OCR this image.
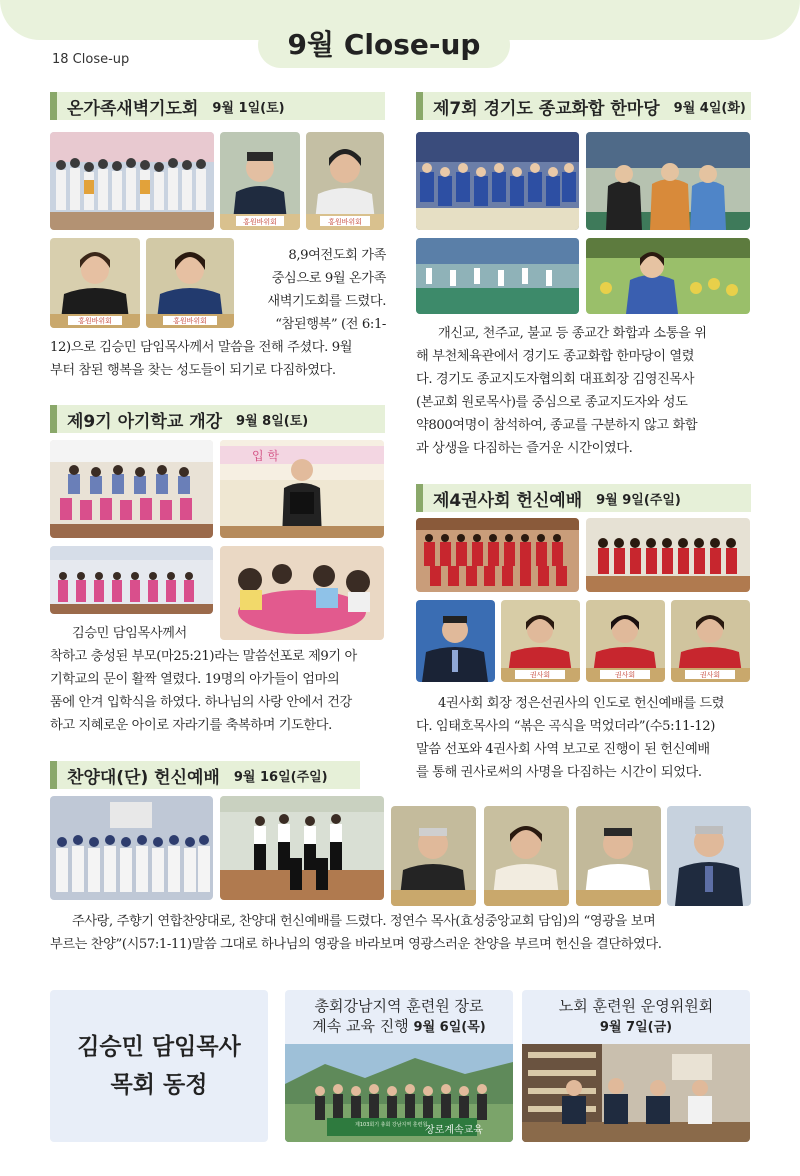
9월 Close-up
18 Close-up
온가족새벽기도회 9월 1일(토)
홍원바위회	홍원바위회
홍원바위회	홍원바위회
8,9여전도회 가족
중심으로 9월 온가족
새벽기도회를 드렸다.
“참된행복” (전 6:1-
12)으로 김승민 담임목사께서 말씀을 전해 주셨다. 9월
부터 참된 행복을 찾는 성도들이 되기로 다짐하였다.
제9기 아기학교 개강 9월 8일(토)
입 학
김승민 담임목사께서
착하고 충성된 부모(마25:21)라는 말씀선포로 제9기 아
기학교의 문이 활짝 열렸다. 19명의 아가들이 엄마의
품에 안겨 입학식을 하였다. 하나님의 사랑 안에서 건강
하고 지혜로운 아이로 자라기를 축복하며 기도한다.
찬양대(단) 헌신예배 9월 16일(주일)
주사랑, 주향기 연합찬양대로, 찬양대 헌신예배를 드렸다. 정연수 목사(효성중앙교회 담임)의 “영광을 보며
부르는 찬양”(시57:1-11)말씀 그대로 하나님의 영광을 바라보며 영광스러운 찬양을 부르며 헌신을 결단하였다.
제7회 경기도 종교화합 한마당 9월 4일(화)
개신교, 천주교, 불교 등 종교간 화합과 소통을 위
해 부천체육관에서 경기도 종교화합 한마당이 열렸
다. 경기도 종교지도자협의회 대표회장 김영진목사
(본교회 원로목사)를 중심으로 종교지도자와 성도
약800여명이 참석하여, 종교를 구분하지 않고 화합
과 상생을 다짐하는 즐거운 시간이였다.
제4권사회 헌신예배 9월 9일(주일)
권사회	권사회	권사회
4권사회 회장 정은선권사의 인도로 헌신예배를 드렸
다. 임태호목사의 “볶은 곡식을 먹었더라”(수5:11-12)
말씀 선포와 4권사회 사역 보고로 진행이 된 헌신예배
를 통해 권사로써의 사명을 다짐하는 시간이 되었다.
김승민 담임목사
목회 동정
총회강남지역 훈련원 장로
계속 교육 진행 9월 6일(목)
제103회기 총회 강남지역 훈련원
장로계속교육
노회 훈련원 운영위원회
9월 7일(금)
